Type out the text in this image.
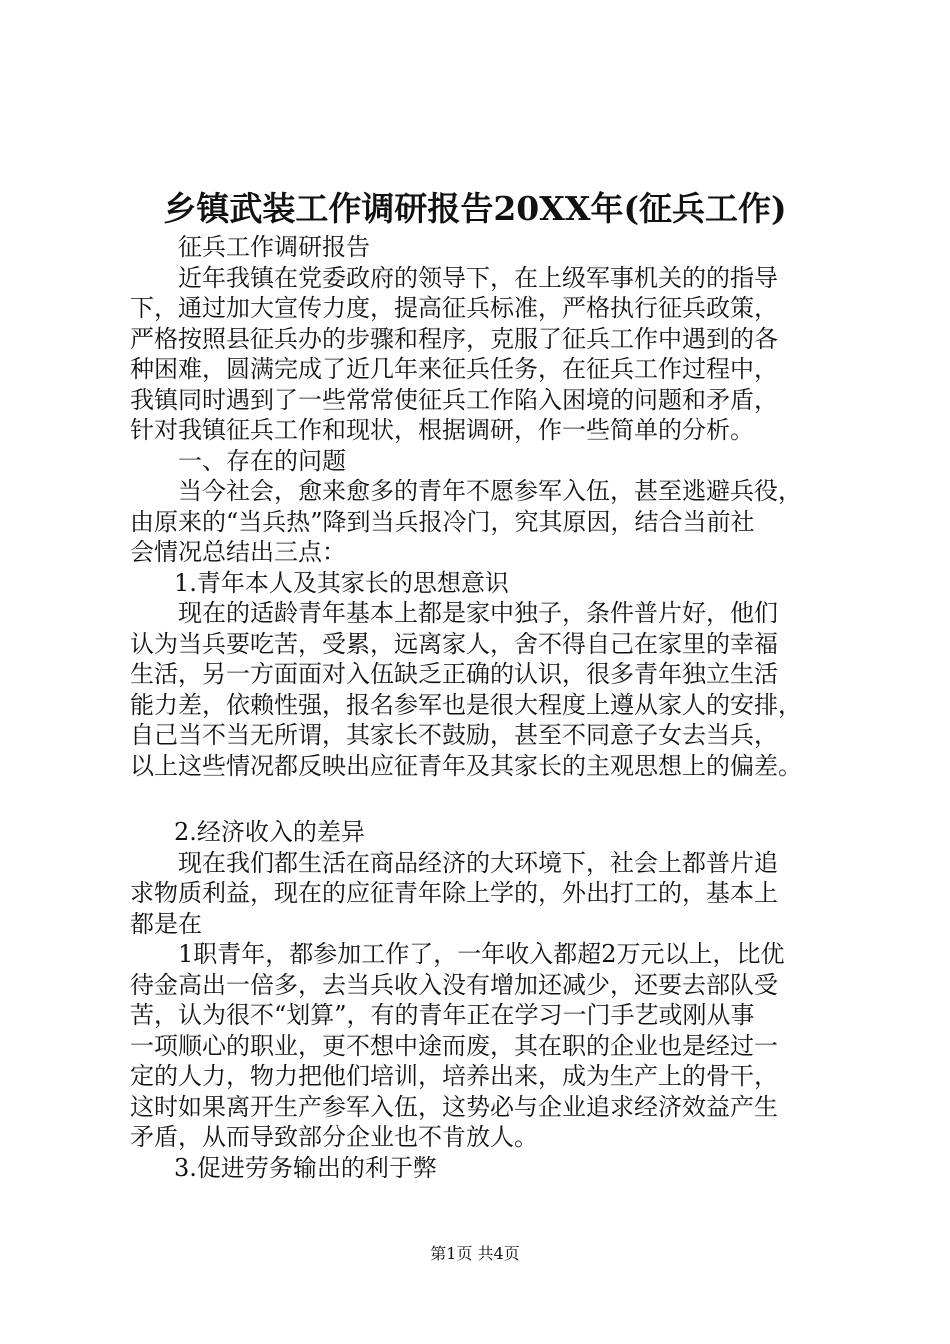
乡镇武装工作调研报告20XX年(征兵工作)
征兵工作调研报告
近年我镇在党委政府的领导下，在上级军事机关的的指导
下，通过加大宣传力度，提高征兵标准，严格执行征兵政策，
严格按照县征兵办的步骤和程序，克服了征兵工作中遇到的各
种困难，圆满完成了近几年来征兵任务，在征兵工作过程中，
我镇同时遇到了一些常常使征兵工作陷入困境的问题和矛盾，
针对我镇征兵工作和现状，根据调研，作一些简单的分析。
一、存在的问题
当今社会，愈来愈多的青年不愿参军入伍，甚至逃避兵役，
由原来的“当兵热”降到当兵报冷门，究其原因，结合当前社
会情况总结出三点：
1.青年本人及其家长的思想意识
现在的适龄青年基本上都是家中独子，条件普片好，他们
认为当兵要吃苦，受累，远离家人，舍不得自己在家里的幸福
生活，另一方面面对入伍缺乏正确的认识，很多青年独立生活
能力差，依赖性强，报名参军也是很大程度上遵从家人的安排，
自己当不当无所谓，其家长不鼓励，甚至不同意子女去当兵，
以上这些情况都反映出应征青年及其家长的主观思想上的偏差。
2.经济收入的差异
现在我们都生活在商品经济的大环境下，社会上都普片追
求物质利益，现在的应征青年除上学的，外出打工的，基本上
都是在
1职青年，都参加工作了，一年收入都超2万元以上，比优
待金高出一倍多，去当兵收入没有增加还减少，还要去部队受
苦，认为很不“划算”，有的青年正在学习一门手艺或刚从事
一项顺心的职业，更不想中途而废，其在职的企业也是经过一
定的人力，物力把他们培训，培养出来，成为生产上的骨干，
这时如果离开生产参军入伍，这势必与企业追求经济效益产生
矛盾，从而导致部分企业也不肯放人。
3.促进劳务输出的利于弊
第1页 共4页
